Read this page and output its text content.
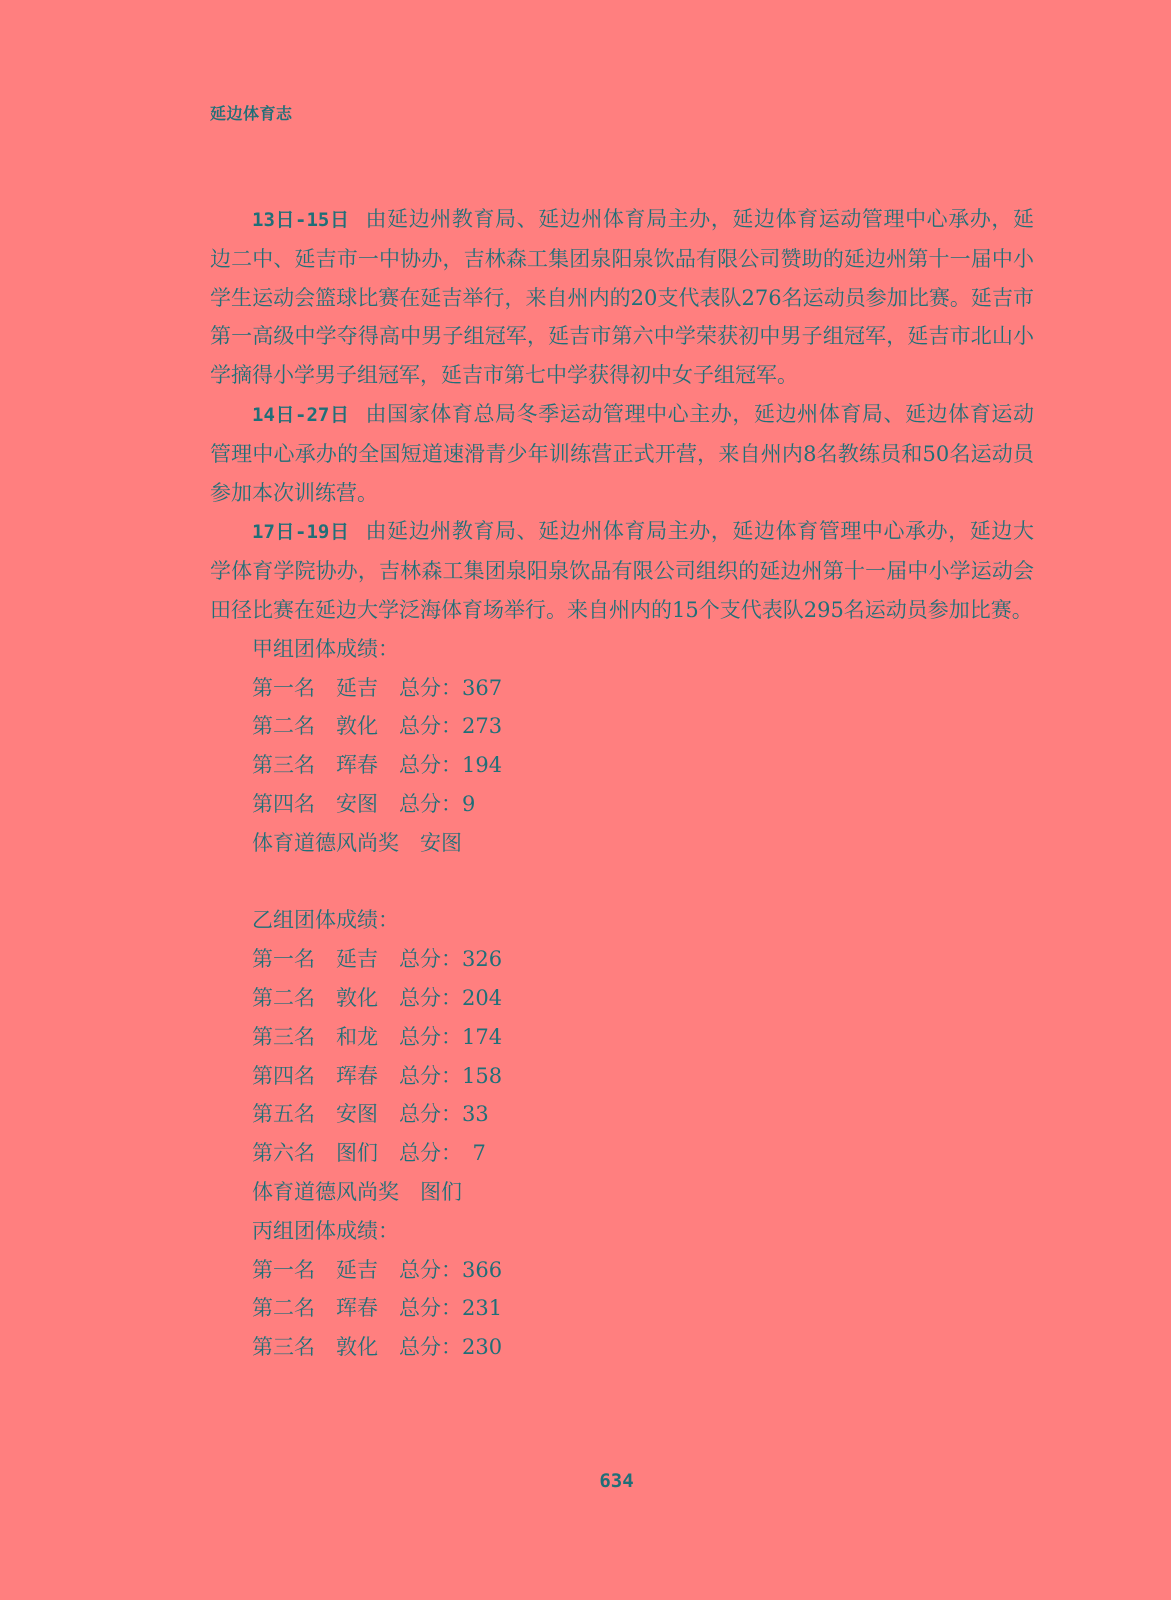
延边体育志

13日-15日 由延边州教育局、延边州体育局主办，延边体育运动管理中心承办，延边二中、延吉市一中协办，吉林森工集团泉阳泉饮品有限公司赞助的延边州第十一届中小学生运动会篮球比赛在延吉举行，来自州内的20支代表队276名运动员参加比赛。延吉市第一高级中学夺得高中男子组冠军，延吉市第六中学荣获初中男子组冠军，延吉市北山小学摘得小学男子组冠军，延吉市第七中学获得初中女子组冠军。

14日-27日 由国家体育总局冬季运动管理中心主办，延边州体育局、延边体育运动管理中心承办的全国短道速滑青少年训练营正式开营，来自州内8名教练员和50名运动员参加本次训练营。

17日-19日 由延边州教育局、延边州体育局主办，延边体育管理中心承办，延边大学体育学院协办，吉林森工集团泉阳泉饮品有限公司组织的延边州第十一届中小学运动会田径比赛在延边大学泛海体育场举行。来自州内的15个支代表队295名运动员参加比赛。

甲组团体成绩：

第一名　延吉　总分：367

第二名　敦化　总分：273

第三名　珲春　总分：194

第四名　安图　总分：9

体育道德风尚奖　安图

乙组团体成绩：

第一名　延吉　总分：326

第二名　敦化　总分：204

第三名　和龙　总分：174

第四名　珲春　总分：158

第五名　安图　总分：33

第六名　图们　总分：　7

体育道德风尚奖　图们

丙组团体成绩：

第一名　延吉　总分：366

第二名　珲春　总分：231

第三名　敦化　总分：230

634
